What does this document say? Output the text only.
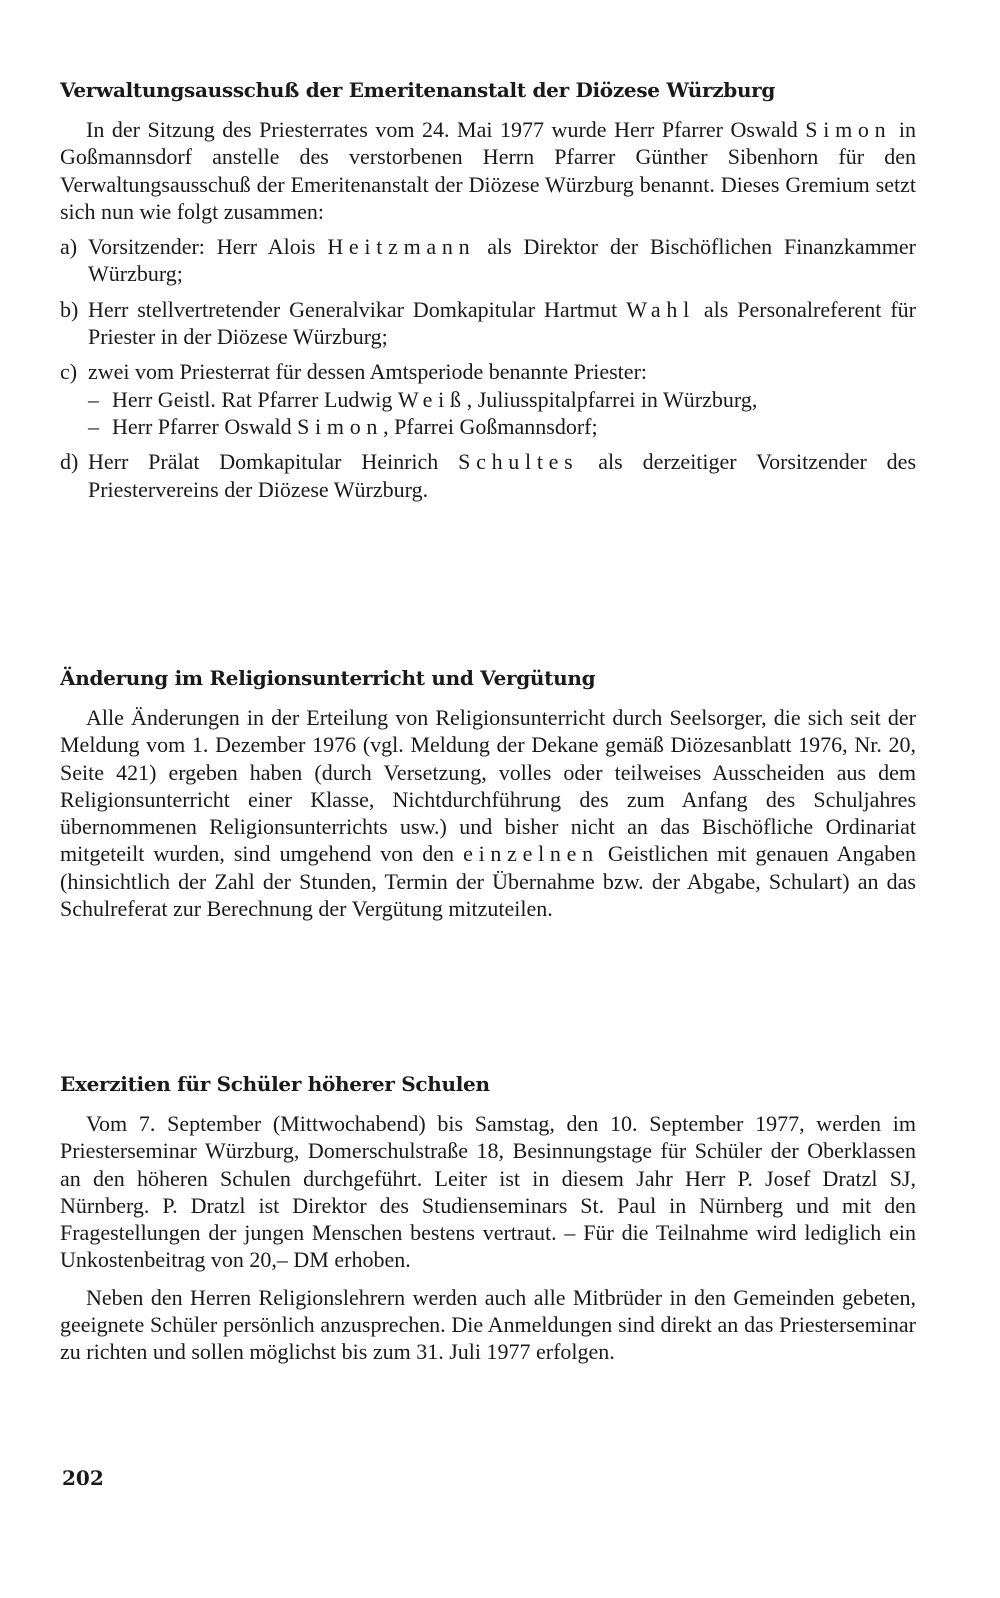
Verwaltungsausschuß der Emeritenanstalt der Diözese Würzburg

In der Sitzung des Priesterrates vom 24. Mai 1977 wurde Herr Pfarrer Oswald Simon in Goßmannsdorf anstelle des verstorbenen Herrn Pfarrer Günther Sibenhorn für den Verwaltungsausschuß der Emeritenanstalt der Diözese Würzburg benannt. Dieses Gremium setzt sich nun wie folgt zusammen:

a) Vorsitzender: Herr Alois Heitzmann als Direktor der Bischöflichen Finanzkammer Würzburg;
b) Herr stellvertretender Generalvikar Domkapitular Hartmut Wahl als Personalreferent für Priester in der Diözese Würzburg;
c) zwei vom Priesterrat für dessen Amtsperiode benannte Priester:
– Herr Geistl. Rat Pfarrer Ludwig Weiß, Juliusspitalpfarrei in Würzburg,
– Herr Pfarrer Oswald Simon, Pfarrei Goßmannsdorf;
d) Herr Prälat Domkapitular Heinrich Schultes als derzeitiger Vorsitzender des Priestervereins der Diözese Würzburg.
Änderung im Religionsunterricht und Vergütung

Alle Änderungen in der Erteilung von Religionsunterricht durch Seelsorger, die sich seit der Meldung vom 1. Dezember 1976 (vgl. Meldung der Dekane gemäß Diözesanblatt 1976, Nr. 20, Seite 421) ergeben haben (durch Versetzung, volles oder teilweises Ausscheiden aus dem Religionsunterricht einer Klasse, Nichtdurchführung des zum Anfang des Schuljahres übernommenen Religionsunterrichts usw.) und bisher nicht an das Bischöfliche Ordinariat mitgeteilt wurden, sind umgehend von den einzelnen Geistlichen mit genauen Angaben (hinsichtlich der Zahl der Stunden, Termin der Übernahme bzw. der Abgabe, Schulart) an das Schulreferat zur Berechnung der Vergütung mitzuteilen.

Exerzitien für Schüler höherer Schulen

Vom 7. September (Mittwochabend) bis Samstag, den 10. September 1977, werden im Priesterseminar Würzburg, Domerschulstraße 18, Besinnungstage für Schüler der Oberklassen an den höheren Schulen durchgeführt. Leiter ist in diesem Jahr Herr P. Josef Dratzl SJ, Nürnberg. P. Dratzl ist Direktor des Studienseminars St. Paul in Nürnberg und mit den Fragestellungen der jungen Menschen bestens vertraut. – Für die Teilnahme wird lediglich ein Unkostenbeitrag von 20,– DM erhoben.

Neben den Herren Religionslehrern werden auch alle Mitbrüder in den Gemeinden gebeten, geeignete Schüler persönlich anzusprechen. Die Anmeldungen sind direkt an das Priesterseminar zu richten und sollen möglichst bis zum 31. Juli 1977 erfolgen.

202
